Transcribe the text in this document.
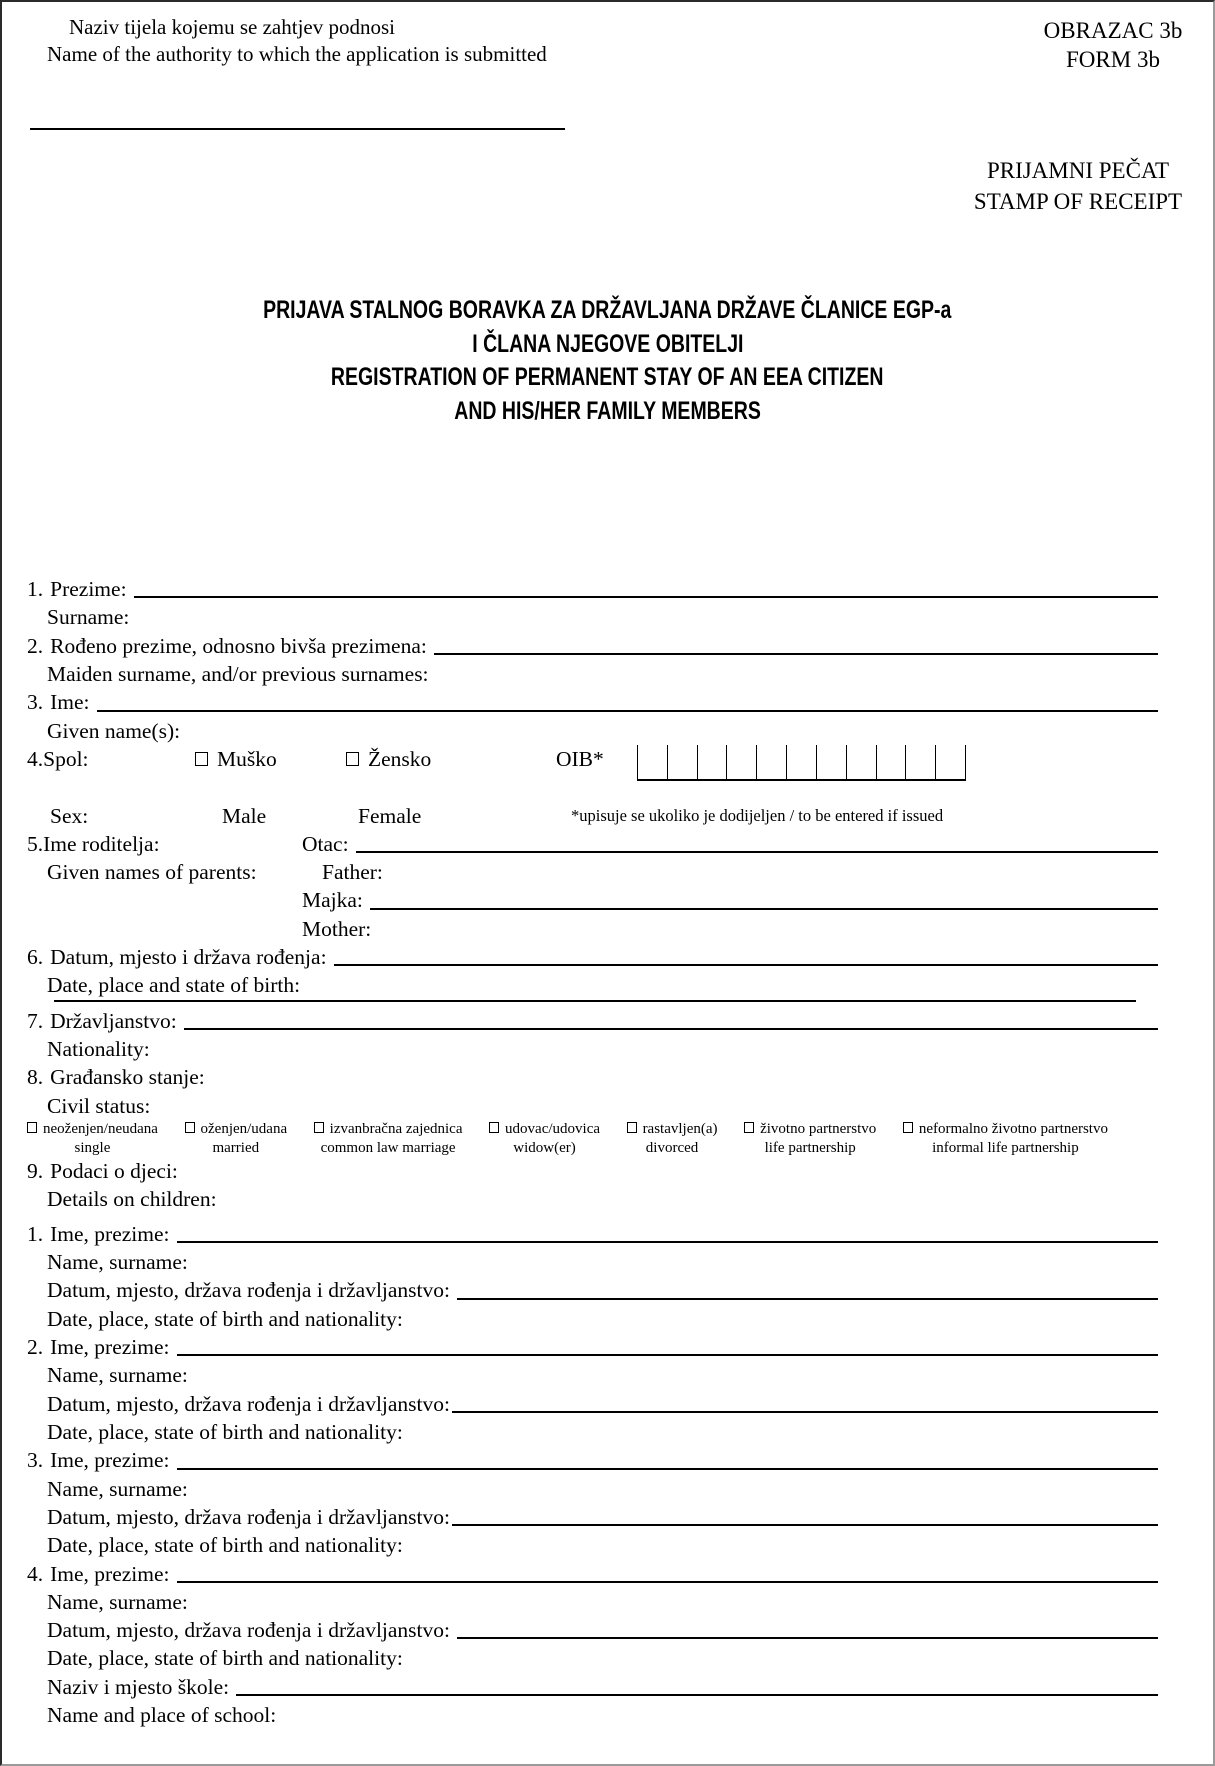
Naziv tijela kojemu se zahtjev podnosi
Name of the authority to which the application is submitted
OBRAZAC 3b
FORM 3b
PRIJAMNI PEČAT
STAMP OF RECEIPT
PRIJAVA STALNOG BORAVKA ZA DRŽAVLJANA DRŽAVE ČLANICE EGP-a
I ČLANA NJEGOVE OBITELJI
REGISTRATION OF PERMANENT STAY OF AN EEA CITIZEN
AND HIS/HER FAMILY MEMBERS
1. Prezime:
Surname:
2. Rođeno prezime, odnosno bivša prezimena:
Maiden surname, and/or previous surnames:
3. Ime:
Given name(s):
4.Spol:	Muško	Žensko	OIB*
Sex:	Male	Female	*upisuje se ukoliko je dodijeljen / to be entered if issued
5.Ime roditelja:	Otac:
Given names of parents:	Father:
Majka:
Mother:
6. Datum, mjesto i država rođenja:
Date, place and state of birth:
7. Državljanstvo:
Nationality:
8. Građansko stanje:
Civil status:
neoženjen/neudana
single
oženjen/udana
married
izvanbračna zajednica
common law marriage
udovac/udovica
widow(er)
rastavljen(a)
divorced
životno partnerstvo
life partnership
neformalno životno partnerstvo
informal life partnership
9. Podaci o djeci:
Details on children:
1. Ime, prezime:
Name, surname:
Datum, mjesto, država rođenja i državljanstvo:
Date, place, state of birth and nationality:
2. Ime, prezime:
Name, surname:
Datum, mjesto, država rođenja i državljanstvo:
Date, place, state of birth and nationality:
3. Ime, prezime:
Name, surname:
Datum, mjesto, država rođenja i državljanstvo:
Date, place, state of birth and nationality:
4. Ime, prezime:
Name, surname:
Datum, mjesto, država rođenja i državljanstvo:
Date, place, state of birth and nationality:
Naziv i mjesto škole:
Name and place of school:
